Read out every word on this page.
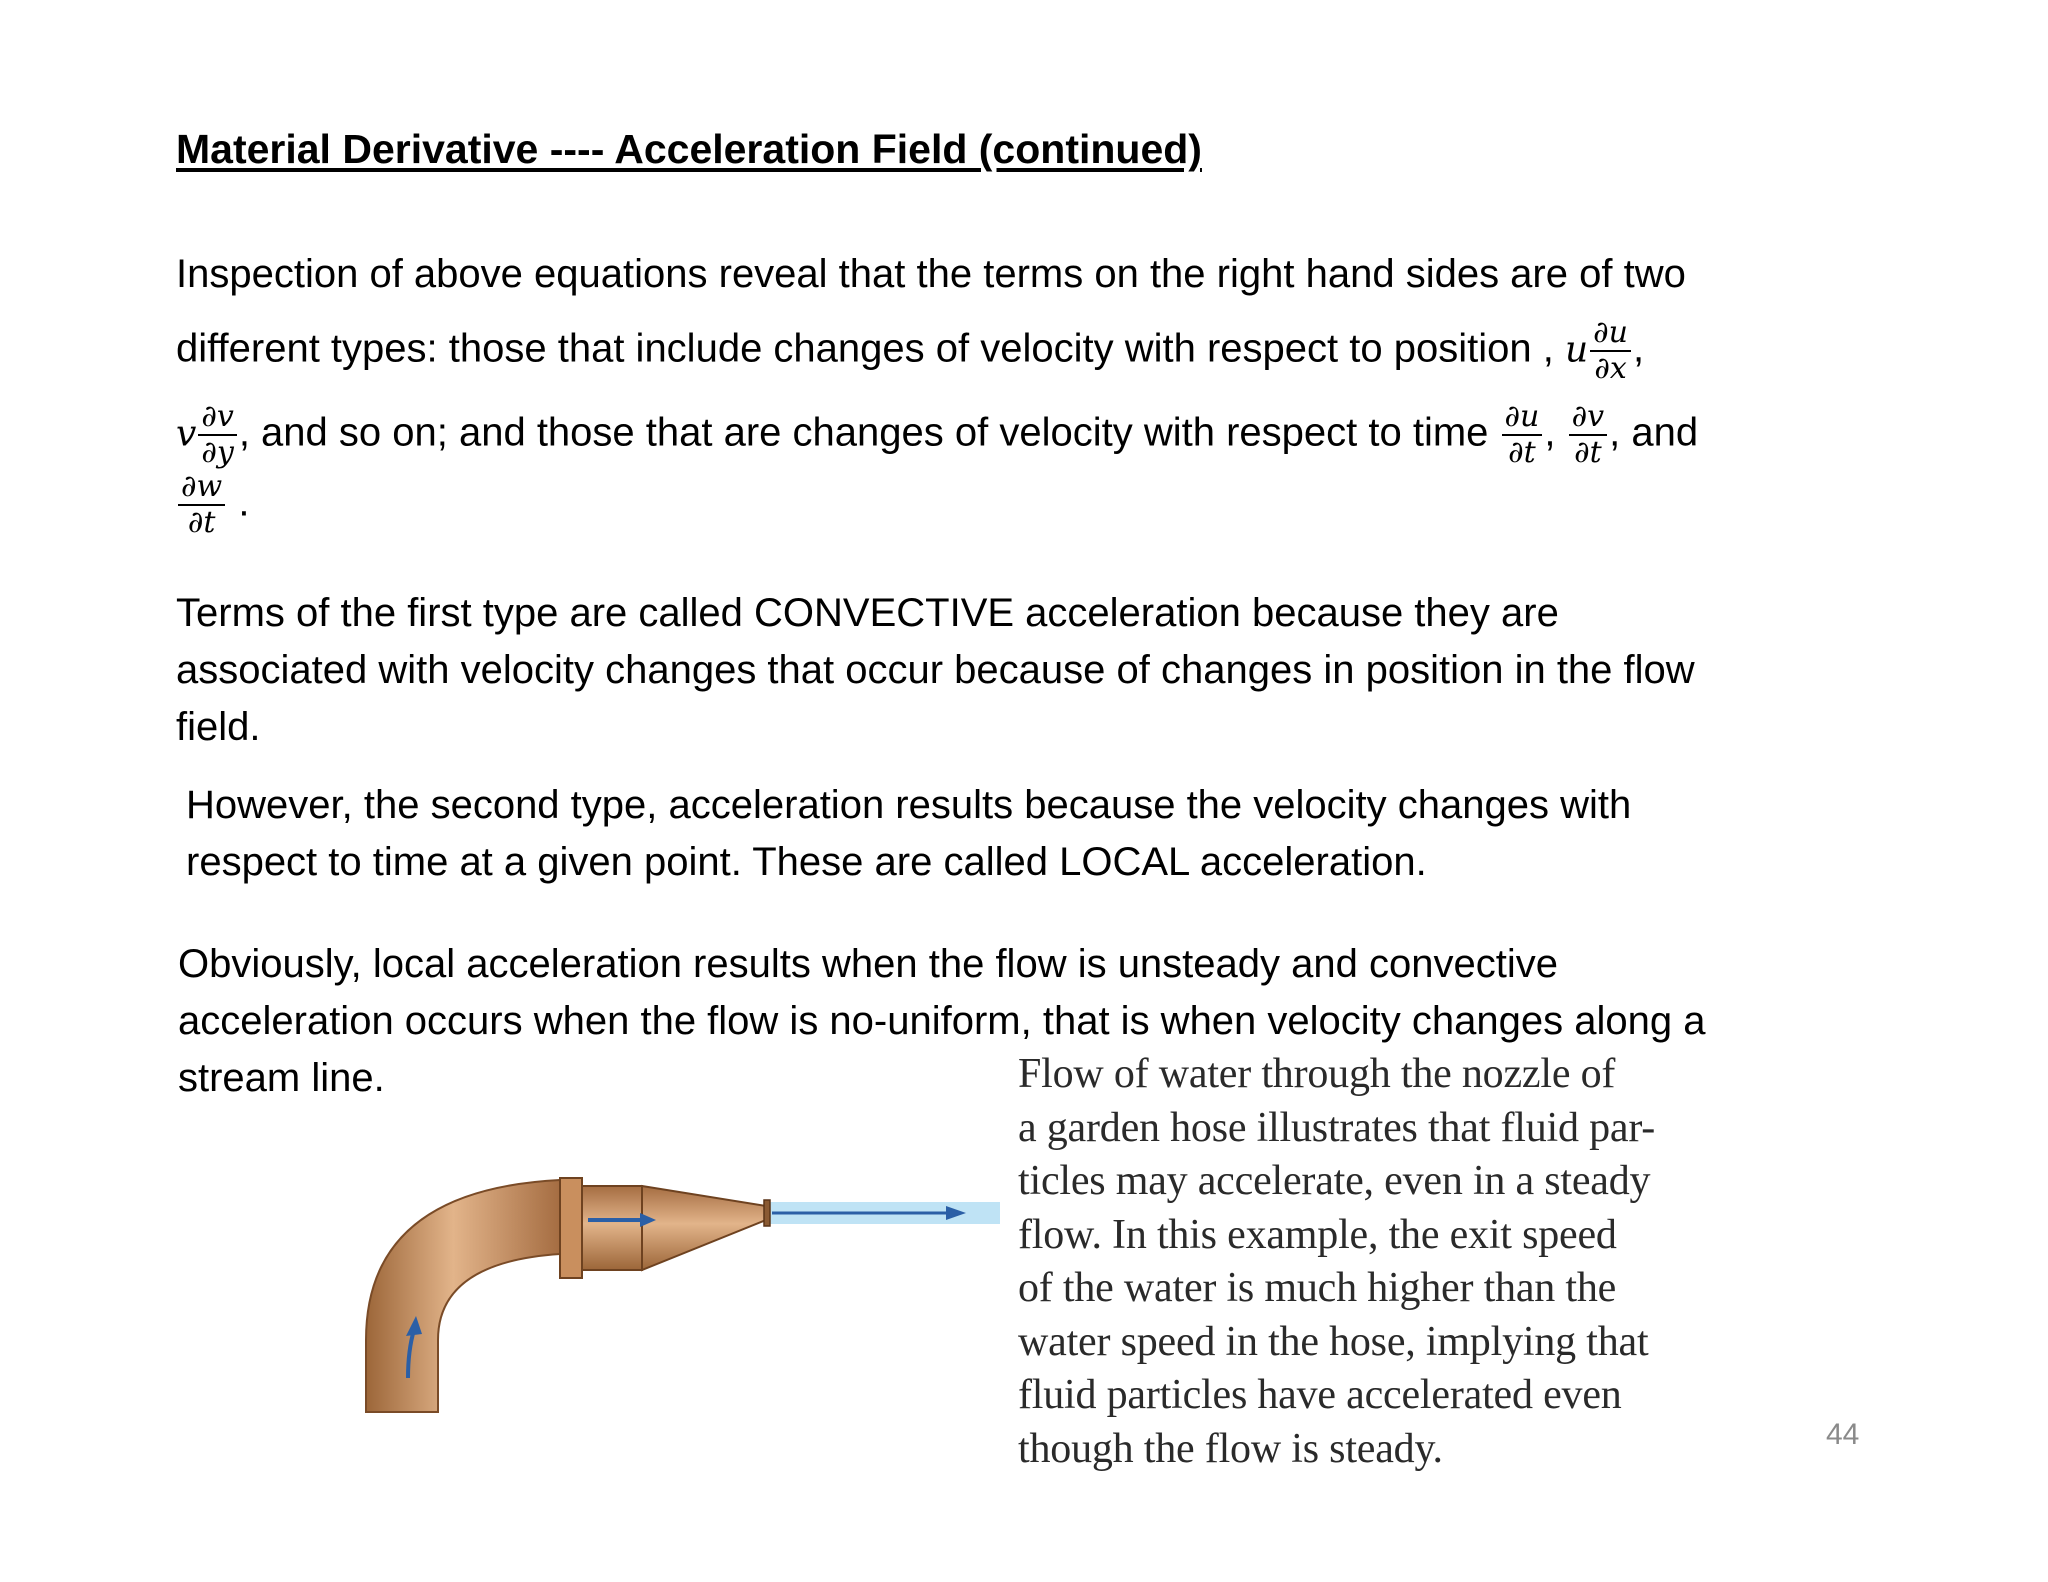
Material Derivative ---- Acceleration Field (continued)
Inspection of above equations reveal that the terms on the right hand sides are of two
different types: those that include changes of velocity with respect to position , u $\frac{\partial u}{\partial x}$ ,
v $\frac{\partial v}{\partial y}$ , and so on; and those that are changes of velocity with respect to time $\frac{\partial u}{\partial t}$ , $\frac{\partial v}{\partial t}$ , and
$\frac{\partial w}{\partial t}$ .
Terms of the first type are called CONVECTIVE acceleration because they are
associated with velocity changes that occur because of changes in position in the flow
field.
However, the second type, acceleration results because the velocity changes with
respect to time at a given point. These are called LOCAL acceleration.
Obviously, local acceleration results when the flow is unsteady and convective
acceleration occurs when the flow is no-uniform, that is when velocity changes along a
stream line.	Flow of water through the nozzle of
a garden hose illustrates that fluid par-
ticles may accelerate, even in a steady
flow. In this example, the exit speed
of the water is much higher than the
water speed in the hose, implying that
fluid particles have accelerated even
though the flow is steady.	44
